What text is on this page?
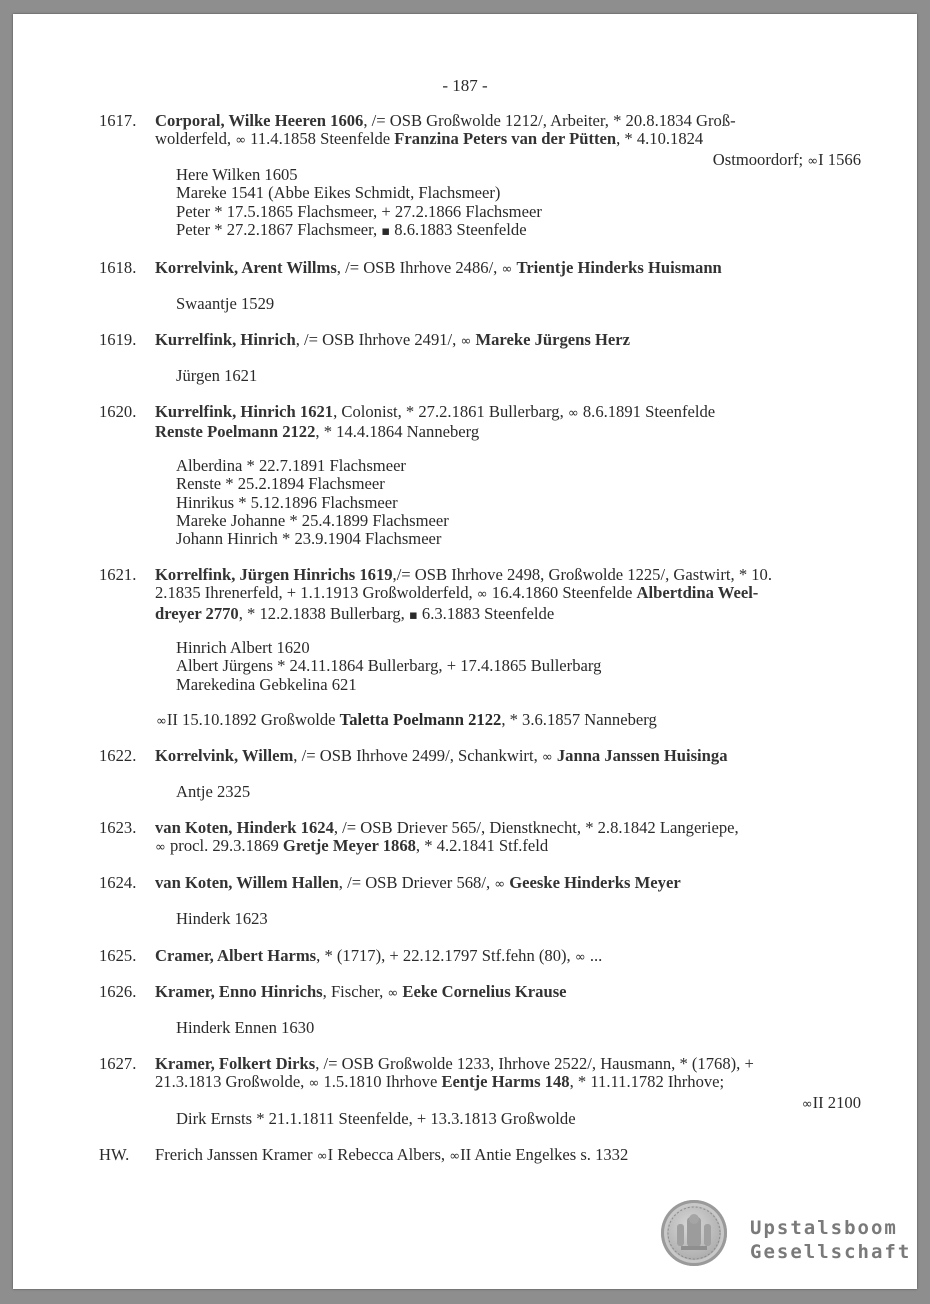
- 187 -
1617.	Corporal, Wilke Heeren 1606, /= OSB Großwolde 1212/, Arbeiter, * 20.8.1834 Groß-
wolderfeld, ∞ 11.4.1858 Steenfelde Franzina Peters van der Pütten, * 4.10.1824
Ostmoordorf; ∞I 1566
Here Wilken 1605
Mareke 1541 (Abbe Eikes Schmidt, Flachsmeer)
Peter * 17.5.1865 Flachsmeer, + 27.2.1866 Flachsmeer
Peter * 27.2.1867 Flachsmeer, ▪ 8.6.1883 Steenfelde
1618.	Korrelvink, Arent Willms, /= OSB Ihrhove 2486/, ∞ Trientje Hinderks Huismann
Swaantje 1529
1619.	Kurrelfink, Hinrich, /= OSB Ihrhove 2491/, ∞ Mareke Jürgens Herz
Jürgen 1621
1620.	Kurrelfink, Hinrich 1621, Colonist, * 27.2.1861 Bullerbarg, ∞ 8.6.1891 Steenfelde
Renste Poelmann 2122, * 14.4.1864 Nanneberg
Alberdina * 22.7.1891 Flachsmeer
Renste * 25.2.1894 Flachsmeer
Hinrikus * 5.12.1896 Flachsmeer
Mareke Johanne * 25.4.1899 Flachsmeer
Johann Hinrich * 23.9.1904 Flachsmeer
1621.	Korrelfink, Jürgen Hinrichs 1619,/= OSB Ihrhove 2498, Großwolde 1225/, Gastwirt, * 10.
2.1835 Ihrenerfeld, + 1.1.1913 Großwolderfeld, ∞ 16.4.1860 Steenfelde Albertdina Weel-
dreyer 2770, * 12.2.1838 Bullerbarg, ▪ 6.3.1883 Steenfelde
Hinrich Albert 1620
Albert Jürgens * 24.11.1864 Bullerbarg, + 17.4.1865 Bullerbarg
Marekedina Gebkelina 621
∞II 15.10.1892 Großwolde Taletta Poelmann 2122, * 3.6.1857 Nanneberg
1622.	Korrelvink, Willem, /= OSB Ihrhove 2499/, Schankwirt, ∞ Janna Janssen Huisinga
Antje 2325
1623.	van Koten, Hinderk 1624, /= OSB Driever 565/, Dienstknecht, * 2.8.1842 Langeriepe,
∞ procl. 29.3.1869 Gretje Meyer 1868, * 4.2.1841 Stf.feld
1624.	van Koten, Willem Hallen, /= OSB Driever 568/, ∞ Geeske Hinderks Meyer
Hinderk 1623
1625.	Cramer, Albert Harms, * (1717), + 22.12.1797 Stf.fehn (80), ∞ ...
1626.	Kramer, Enno Hinrichs, Fischer, ∞ Eeke Cornelius Krause
Hinderk Ennen 1630
1627.	Kramer, Folkert Dirks, /= OSB Großwolde 1233, Ihrhove 2522/, Hausmann, * (1768), +
21.3.1813 Großwolde, ∞ 1.5.1810 Ihrhove Eentje Harms 148, * 11.11.1782 Ihrhove;
∞II 2100
Dirk Ernsts * 21.1.1811 Steenfelde, + 13.3.1813 Großwolde
HW.	Frerich Janssen Kramer ∞I Rebecca Albers, ∞II Antie Engelkes s. 1332
Upstalsboom
Gesellschaft
